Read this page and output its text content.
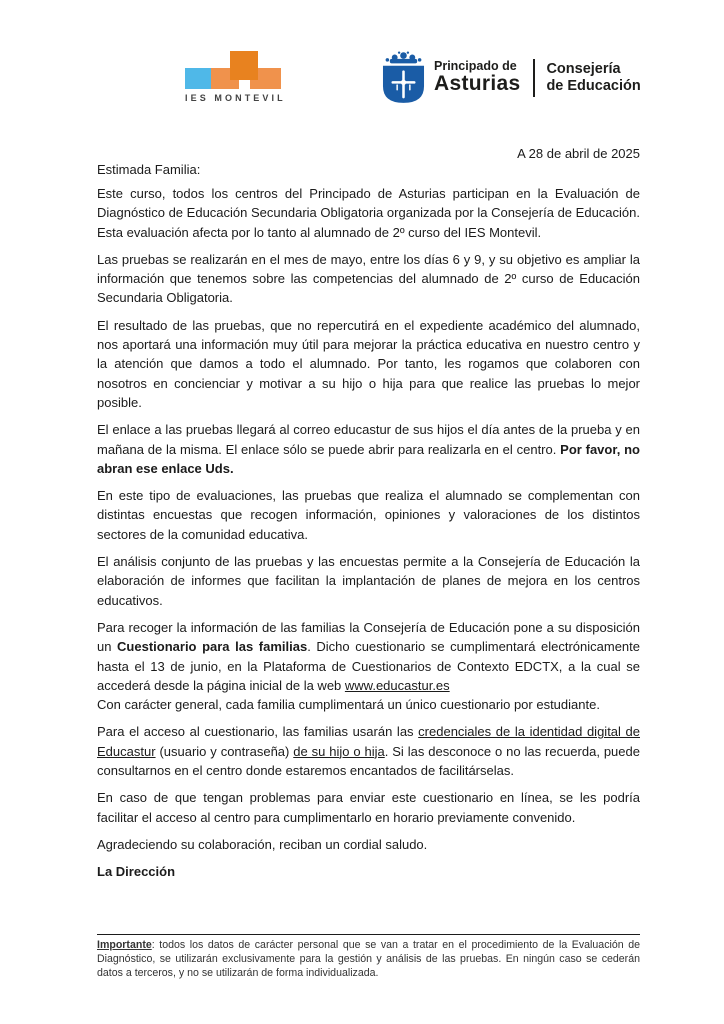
IES MONTEVIL
Principado de
Asturias
Consejería
de Educación
A 28 de abril de 2025
Estimada Familia:

Este curso, todos los centros del Principado de Asturias participan en la Evaluación de Diagnóstico de Educación Secundaria Obligatoria organizada por la Consejería de Educación. Esta evaluación afecta por lo tanto al alumnado de 2º curso del IES Montevil.

Las pruebas se realizarán en el mes de mayo, entre los días 6 y 9, y su objetivo es ampliar la información que tenemos sobre las competencias del alumnado de 2º curso de Educación Secundaria Obligatoria.

El resultado de las pruebas, que no repercutirá en el expediente académico del alumnado, nos aportará una información muy útil para mejorar la práctica educativa en nuestro centro y la atención que damos a todo el alumnado. Por tanto, les rogamos que colaboren con nosotros en concienciar y motivar a su hijo o hija para que realice las pruebas lo mejor posible.

El enlace a las pruebas llegará al correo educastur de sus hijos el día antes de la prueba y en mañana de la misma. El enlace sólo se puede abrir para realizarla en el centro. Por favor, no abran ese enlace Uds.

En este tipo de evaluaciones, las pruebas que realiza el alumnado se complementan con distintas encuestas que recogen información, opiniones y valoraciones de los distintos sectores de la comunidad educativa.

El análisis conjunto de las pruebas y las encuestas permite a la Consejería de Educación la elaboración de informes que facilitan la implantación de planes de mejora en los centros educativos.

Para recoger la información de las familias la Consejería de Educación pone a su disposición un Cuestionario para las familias. Dicho cuestionario se cumplimentará electrónicamente hasta el 13 de junio, en la Plataforma de Cuestionarios de Contexto EDCTX, a la cual se accederá desde la página inicial de la web www.educastur.es
Con carácter general, cada familia cumplimentará un único cuestionario por estudiante.

Para el acceso al cuestionario, las familias usarán las credenciales de la identidad digital de Educastur (usuario y contraseña) de su hijo o hija. Si las desconoce o no las recuerda, puede consultarnos en el centro donde estaremos encantados de facilitárselas.

En caso de que tengan problemas para enviar este cuestionario en línea, se les podría facilitar el acceso al centro para cumplimentarlo en horario previamente convenido.

Agradeciendo su colaboración, reciban un cordial saludo.

La Dirección

Importante: todos los datos de carácter personal que se van a tratar en el procedimiento de la Evaluación de Diagnóstico, se utilizarán exclusivamente para la gestión y análisis de las pruebas. En ningún caso se cederán datos a terceros, y no se utilizarán de forma individualizada.
